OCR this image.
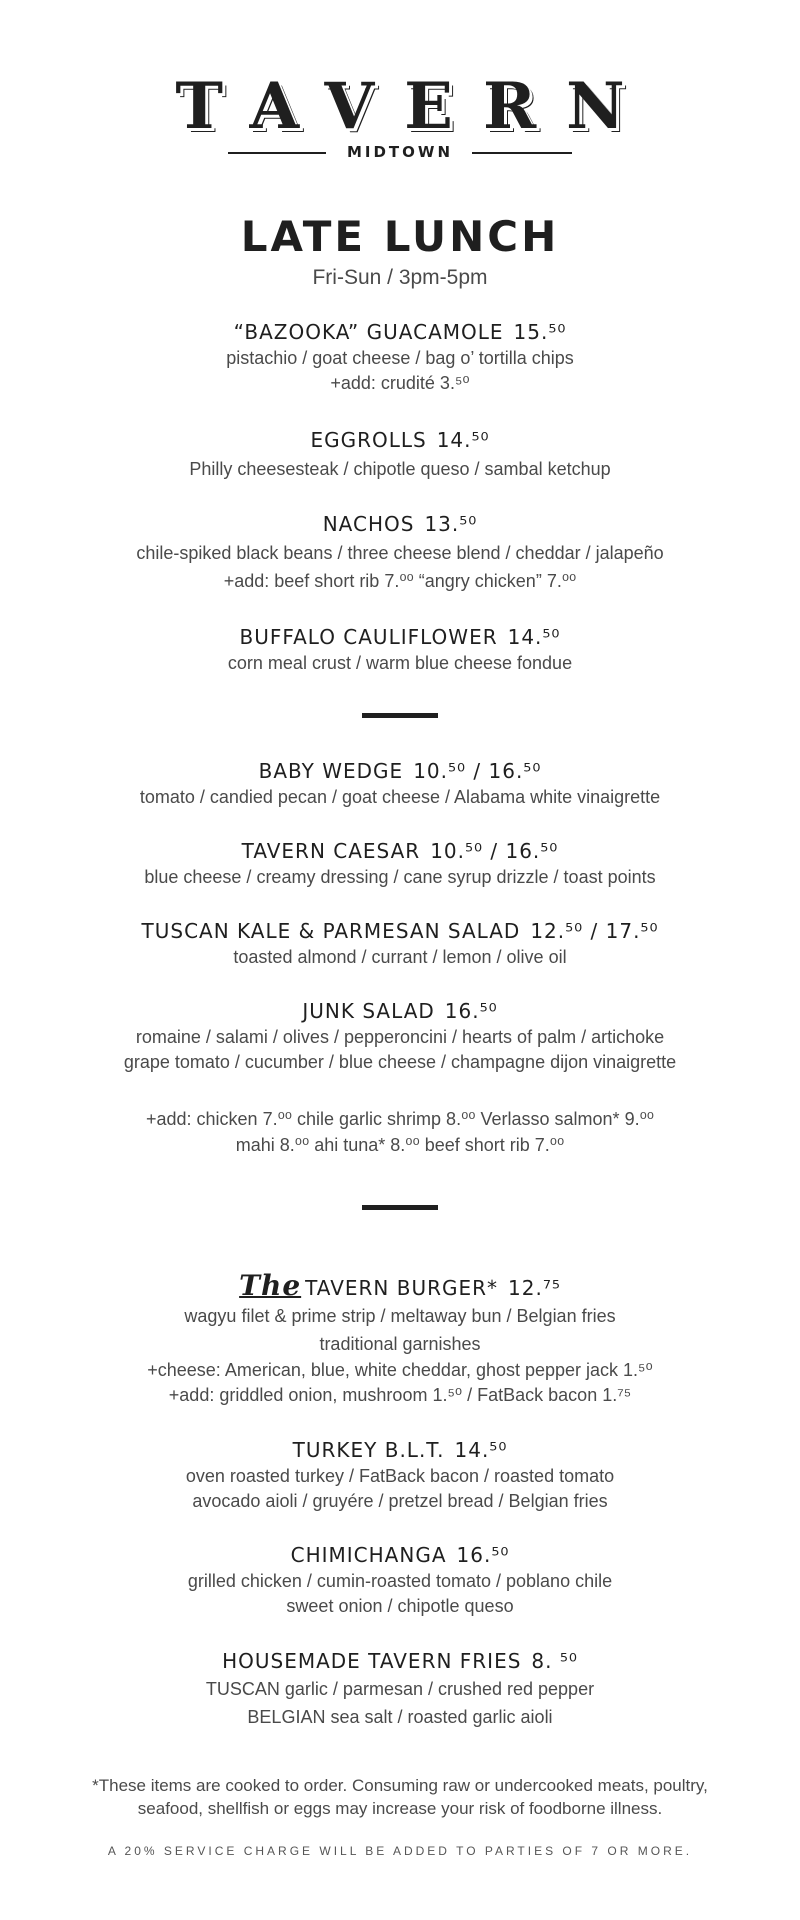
TAVERN
MIDTOWN
LATE LUNCH
Fri-Sun / 3pm-5pm
“BAZOOKA” GUACAMOLE 15.⁵⁰
pistachio / goat cheese / bag o’ tortilla chips
+add: crudité 3.⁵⁰
EGGROLLS 14.⁵⁰
Philly cheesesteak / chipotle queso / sambal ketchup
NACHOS 13.⁵⁰
chile-spiked black beans / three cheese blend / cheddar / jalapeño
+add: beef short rib 7.⁰⁰ “angry chicken” 7.⁰⁰
BUFFALO CAULIFLOWER 14.⁵⁰
corn meal crust / warm blue cheese fondue
BABY WEDGE 10.⁵⁰ / 16.⁵⁰
tomato / candied pecan / goat cheese / Alabama white vinaigrette
TAVERN CAESAR 10.⁵⁰ / 16.⁵⁰
blue cheese / creamy dressing / cane syrup drizzle / toast points
TUSCAN KALE & PARMESAN SALAD 12.⁵⁰ / 17.⁵⁰
toasted almond / currant / lemon / olive oil
JUNK SALAD 16.⁵⁰
romaine / salami / olives / pepperoncini / hearts of palm / artichoke
grape tomato / cucumber / blue cheese / champagne dijon vinaigrette
+add: chicken 7.⁰⁰ chile garlic shrimp 8.⁰⁰ Verlasso salmon* 9.⁰⁰
mahi 8.⁰⁰ ahi tuna* 8.⁰⁰ beef short rib 7.⁰⁰
The TAVERN BURGER* 12.⁷⁵
wagyu filet & prime strip / meltaway bun / Belgian fries
traditional garnishes
+cheese: American, blue, white cheddar, ghost pepper jack 1.⁵⁰
+add: griddled onion, mushroom 1.⁵⁰ / FatBack bacon 1.⁷⁵
TURKEY B.L.T. 14.⁵⁰
oven roasted turkey / FatBack bacon / roasted tomato
avocado aioli / gruyére / pretzel bread / Belgian fries
CHIMICHANGA 16.⁵⁰
grilled chicken / cumin-roasted tomato / poblano chile
sweet onion / chipotle queso
HOUSEMADE TAVERN FRIES 8. ⁵⁰
TUSCAN garlic / parmesan / crushed red pepper
BELGIAN sea salt / roasted garlic aioli
*These items are cooked to order. Consuming raw or undercooked meats, poultry,
seafood, shellfish or eggs may increase your risk of foodborne illness.
A 20% SERVICE CHARGE WILL BE ADDED TO PARTIES OF 7 OR MORE.
